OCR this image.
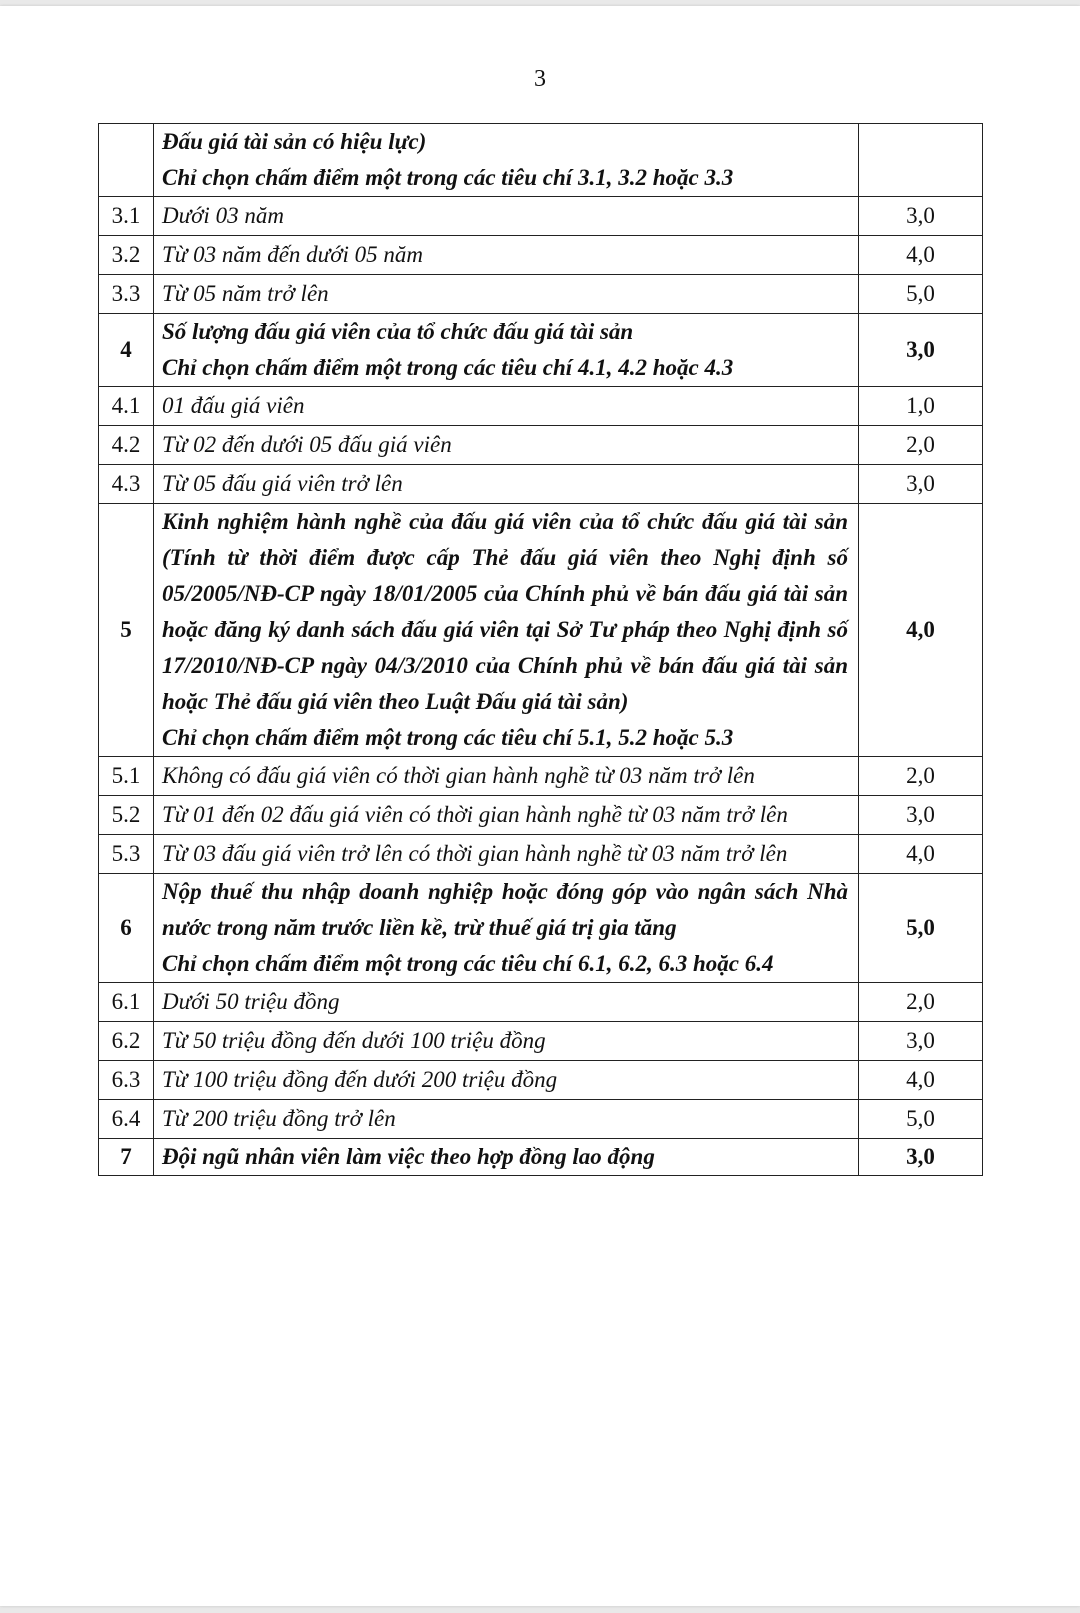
3

	Đấu giá tài sản có hiệu lực)
Chỉ chọn chấm điểm một trong các tiêu chí 3.1, 3.2 hoặc 3.3	

3.1	Dưới 03 năm	3,0
3.2	Từ 03 năm đến dưới 05 năm	4,0
3.3	Từ 05 năm trở lên	5,0
4	Số lượng đấu giá viên của tổ chức đấu giá tài sản
Chỉ chọn chấm điểm một trong các tiêu chí 4.1, 4.2 hoặc 4.3	3,0
4.1	01 đấu giá viên	1,0
4.2	Từ 02 đến dưới 05 đấu giá viên	2,0
4.3	Từ 05 đấu giá viên trở lên	3,0
5	Kinh nghiệm hành nghề của đấu giá viên của tổ chức đấu giá tài sản (Tính từ thời điểm được cấp Thẻ đấu giá viên theo Nghị định số 05/2005/NĐ-CP ngày 18/01/2005 của Chính phủ về bán đấu giá tài sản hoặc đăng ký danh sách đấu giá viên tại Sở Tư pháp theo Nghị định số 17/2010/NĐ-CP ngày 04/3/2010 của Chính phủ về bán đấu giá tài sản hoặc Thẻ đấu giá viên theo Luật Đấu giá tài sản)
Chỉ chọn chấm điểm một trong các tiêu chí 5.1, 5.2 hoặc 5.3	4,0
5.1	Không có đấu giá viên có thời gian hành nghề từ 03 năm trở lên	2,0
5.2	Từ 01 đến 02 đấu giá viên có thời gian hành nghề từ 03 năm trở lên	3,0
5.3	Từ 03 đấu giá viên trở lên có thời gian hành nghề từ 03 năm trở lên	4,0
6	Nộp thuế thu nhập doanh nghiệp hoặc đóng góp vào ngân sách Nhà nước trong năm trước liền kề, trừ thuế giá trị gia tăng
Chỉ chọn chấm điểm một trong các tiêu chí 6.1, 6.2, 6.3 hoặc 6.4	5,0
6.1	Dưới 50 triệu đồng	2,0
6.2	Từ 50 triệu đồng đến dưới 100 triệu đồng	3,0
6.3	Từ 100 triệu đồng đến dưới 200 triệu đồng	4,0
6.4	Từ 200 triệu đồng trở lên	5,0
7	Đội ngũ nhân viên làm việc theo hợp đồng lao động	3,0
